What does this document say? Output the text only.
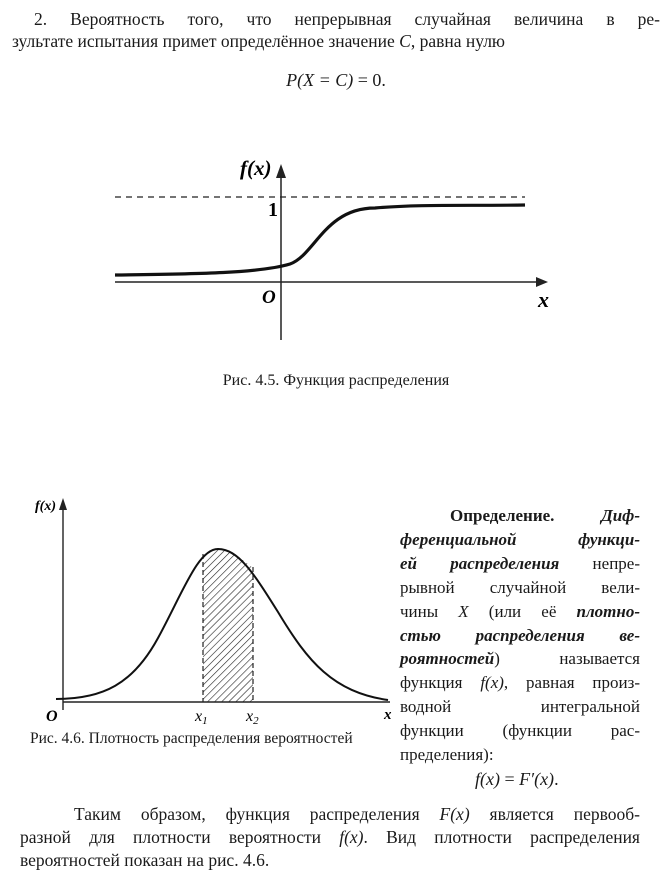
2. Вероятность того, что непрерывная случайная величина в ре-
зультате испытания примет определённое значение C, равна нулю
P(X = C) = 0.
f(x)
1
O	x
Рис. 4.5. Функция распределения
f(x)
O	x1 x2	x
Рис. 4.6. Плотность распределения вероятностей
Определение. Диф-
ференциальной функци-
ей распределения непре-
рывной случайной вели-
чины X (или её плотно-
стью распределения ве-
роятностей) называется
функция f(x), равная произ-
водной интегральной
функции (функции рас-
пределения):
f(x) = F′(x).
Таким образом, функция распределения F(x) является первооб-
разной для плотности вероятности f(x). Вид плотности распределения
вероятностей показан на рис. 4.6.
